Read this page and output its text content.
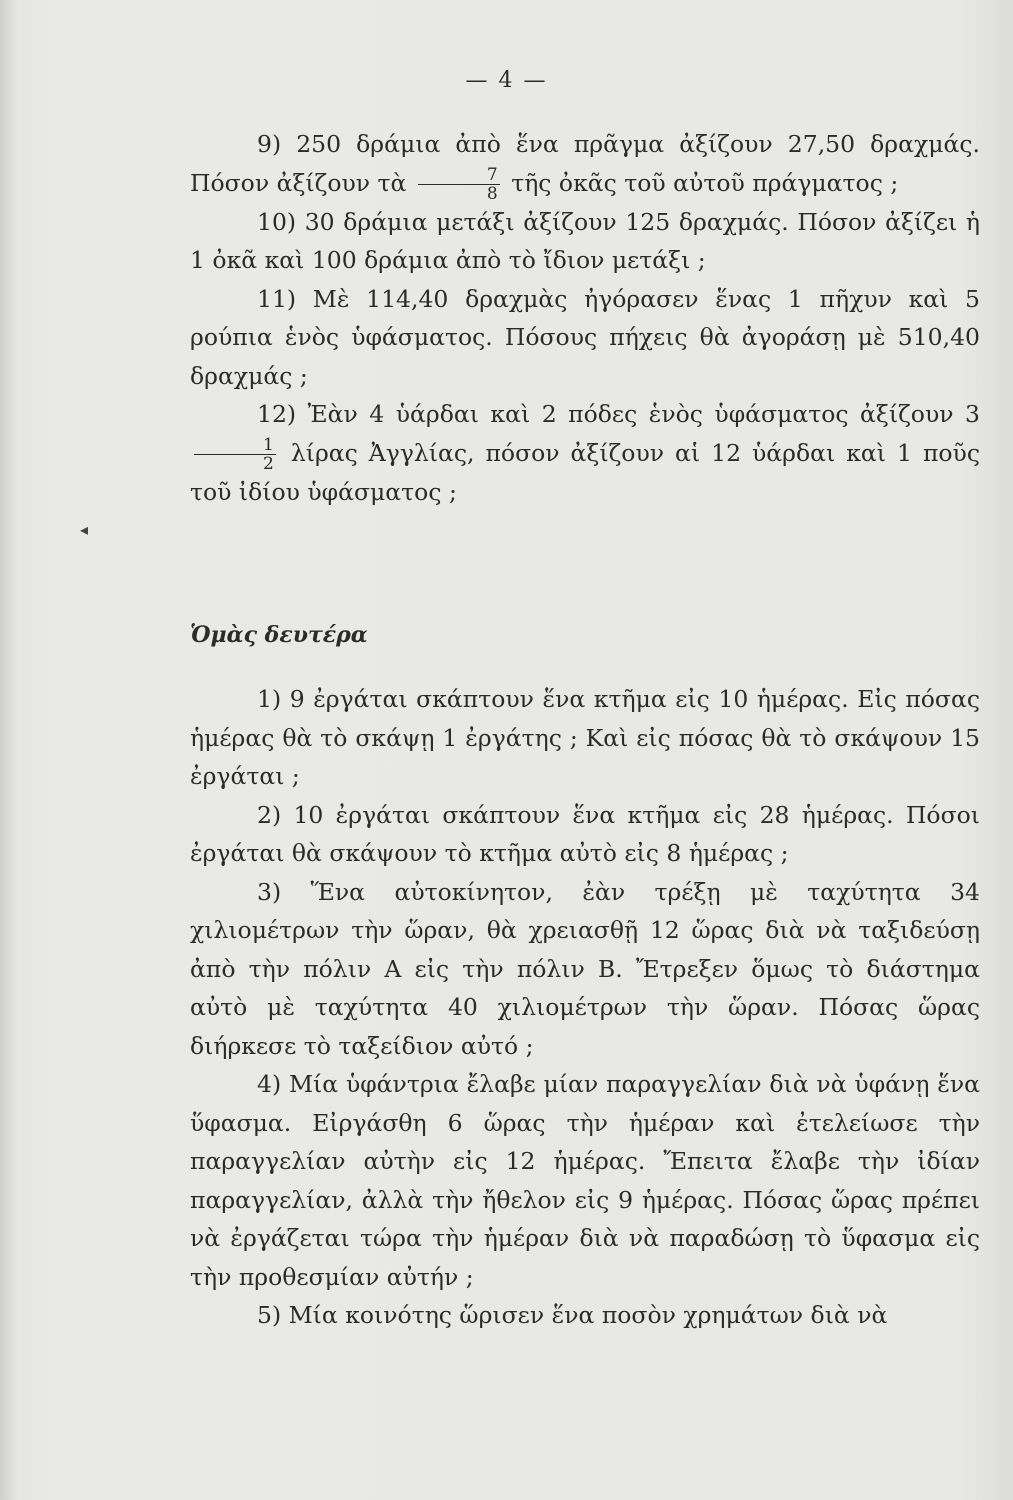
— 4 —
◂

9) 250 δράμια ἀπὸ ἕνα πρᾶγμα ἀξίζουν 27,50 δραχμάς. Πόσον ἀξίζουν τὰ $\frac{7}{8}$ τῆς ὀκᾶς τοῦ αὐτοῦ πράγματος ;

10) 30 δράμια μετάξι ἀξίζουν 125 δραχμάς. Πόσον ἀξίζει ἡ 1 ὀκᾶ καὶ 100 δράμια ἀπὸ τὸ ἴδιον μετάξι ;

11) Μὲ 114,40 δραχμὰς ἠγόρασεν ἕνας 1 πῆχυν καὶ 5 ρούπια ἑνὸς ὑφάσματος. Πόσους πήχεις θὰ ἀγοράσῃ μὲ 510,40 δραχμάς ;

12) Ἐὰν 4 ὑάρδαι καὶ 2 πόδες ἑνὸς ὑφάσματος ἀξίζουν 3
$\frac{1}{2}$ λίρας Ἀγγλίας, πόσον ἀξίζουν αἱ 12 ὑάρδαι καὶ 1 ποῦς τοῦ ἰδίου ὑφάσματος ;

Ὁμὰς δευτέρα

1) 9 ἐργάται σκάπτουν ἕνα κτῆμα εἰς 10 ἡμέρας. Εἰς πόσας ἡμέρας θὰ τὸ σκάψῃ 1 ἐργάτης ; Καὶ εἰς πόσας θὰ τὸ σκάψουν 15 ἐργάται ;

2) 10 ἐργάται σκάπτουν ἕνα κτῆμα εἰς 28 ἡμέρας. Πόσοι ἐργάται θὰ σκάψουν τὸ κτῆμα αὐτὸ εἰς 8 ἡμέρας ;

3) Ἕνα αὐτοκίνητον, ἐὰν τρέξῃ μὲ ταχύτητα 34 χιλιομέτρων τὴν ὥραν, θὰ χρειασθῇ 12 ὥρας διὰ νὰ ταξιδεύσῃ ἀπὸ τὴν πόλιν Α εἰς τὴν πόλιν Β. Ἔτρεξεν ὅμως τὸ διάστημα αὐτὸ μὲ ταχύτητα 40 χιλιομέτρων τὴν ὥραν. Πόσας ὥρας διήρκεσε τὸ ταξείδιον αὐτό ;

4) Μία ὑφάντρια ἔλαβε μίαν παραγγελίαν διὰ νὰ ὑφάνῃ ἕνα ὕφασμα. Εἰργάσθη 6 ὥρας τὴν ἡμέραν καὶ ἐτελείωσε τὴν παραγγελίαν αὐτὴν εἰς 12 ἡμέρας. Ἔπειτα ἔλαβε τὴν ἰδίαν παραγγελίαν, ἀλλὰ τὴν ἤθελον εἰς 9 ἡμέρας. Πόσας ὥρας πρέπει νὰ ἐργάζεται τώρα τὴν ἡμέραν διὰ νὰ παραδώσῃ τὸ ὕφασμα εἰς τὴν προθεσμίαν αὐτήν ;

5) Μία κοινότης ὥρισεν ἕνα ποσὸν χρημάτων διὰ νὰ
